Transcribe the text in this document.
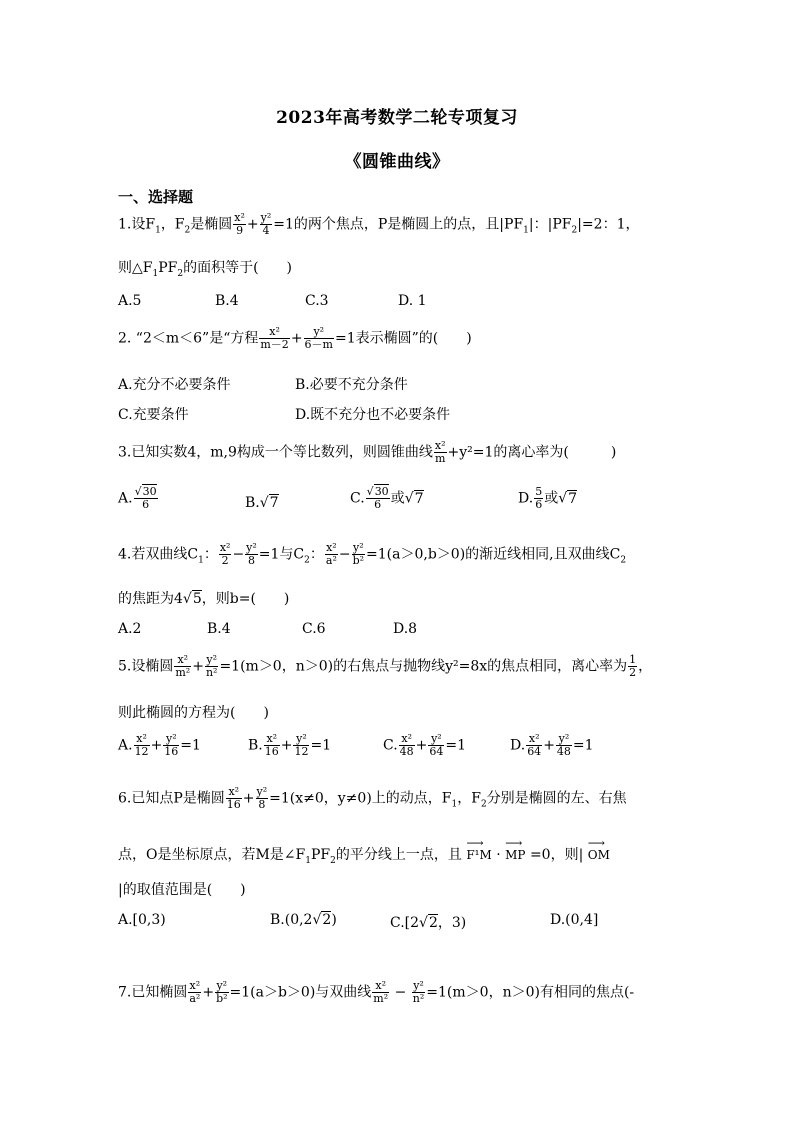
2023年高考数学二轮专项复习
《圆锥曲线》
一、选择题
1.设$F_1$，$F_2$是椭圆 $\frac{\text{x²}}{9} + \frac{\text{y²}}{4} =1$的两个焦点，P是椭圆上的点，且$|PF_1|$：$|PF_2|=2$：1，
则$\triangle F_1PF_2$的面积等于(　　)
A.5	B.4	C.3	D. 1
2. “2＜m＜6”是“方程 $\frac{\text{x²}}{m-2} + \frac{\text{y²}}{6-m} =1$表示椭圆”的(　　)
A.充分不必要条件	B.必要不充分条件
C.充要条件	D.既不充分也不必要条件
3.已知实数4，m,9构成一个等比数列，则圆锥曲线 $\frac{\text{x²}}{m} +y^2=1$的离心率为(　　　)
A. $\frac{√30}{6}$	B.√7	C. $\frac{√30}{6}$ 或√7	D. $\frac{5}{6}$ 或√7
4.若双曲线$C_1$： $\frac{\text{x²}}{2} - \frac{\text{y²}}{8} =1$与$C_2$： $\frac{\text{x²}}{\text{a²}} - \frac{\text{y²}}{\text{b²}} =1(a>0,b>0)$的渐近线相同,且双曲线$C_2$
的焦距为4√5，则b=(　　)
A.2	B.4	C.6	D.8
5.设椭圆 $\frac{\text{x²}}{\text{m²}} + \frac{\text{y²}}{\text{n²}} =1(m>0$，n＞0)的右焦点与抛物线y²=8x的焦点相同，离心率为 $\frac{1}{2}$ ，
则此椭圆的方程为(　　)
A. $\frac{\text{x²}}{12} + \frac{\text{y²}}{16} =1$	B. $\frac{\text{x²}}{16} + \frac{\text{y²}}{12} =1$	C. $\frac{\text{x²}}{48} + \frac{\text{y²}}{64} =1$	D. $\frac{\text{x²}}{64} + \frac{\text{y²}}{48} =1$
6.已知点P是椭圆 $\frac{\text{x²}}{16} + \frac{\text{y²}}{8} =1(x\ne 0$，y≠0)上的动点，$F_1$，$F_2$分别是椭圆的左、右焦
点，O是坐标原点，若M是$\angle F_1PF_2$的平分线上一点，且 ⟶ F¹M · ⟶ MP =0，则| ⟶ OM
|的取值范围是(　　)
A.[0,3)	B.(0,2√2)	C.[2√2，3)	D.(0,4]
7.已知椭圆 $\frac{\text{x²}}{\text{a²}} + \frac{\text{y²}}{\text{b²}} =1(a>b>0)$与双曲线 $\frac{\text{x²}}{\text{m²}} - \frac{\text{y²}}{\text{n²}} =1(m>0$，n＞0)有相同的焦点(-
